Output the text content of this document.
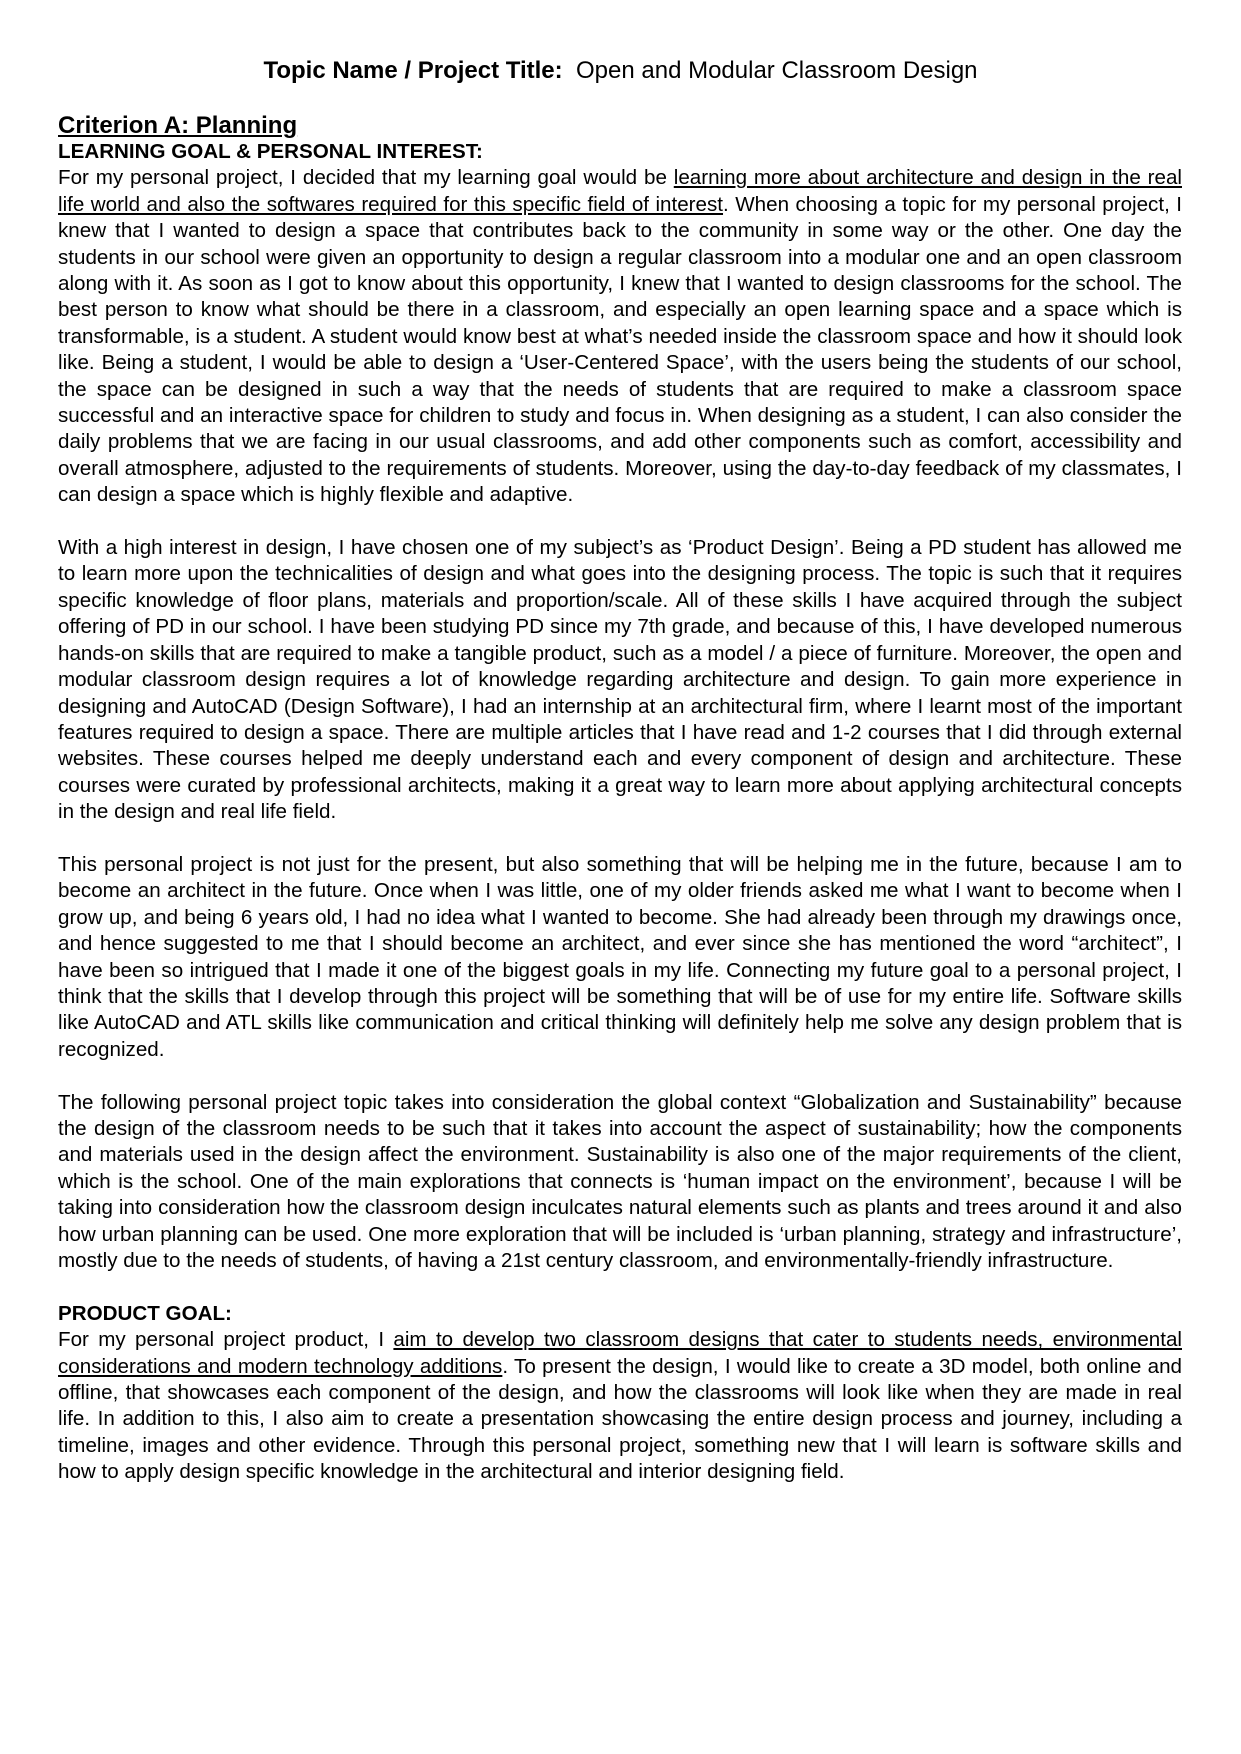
Topic Name / Project Title: Open and Modular Classroom Design
Criterion A: Planning
LEARNING GOAL & PERSONAL INTEREST:

For my personal project, I decided that my learning goal would be learning more about architecture and design in the real life world and also the softwares required for this specific field of interest. When choosing a topic for my personal project, I knew that I wanted to design a space that contributes back to the community in some way or the other. One day the students in our school were given an opportunity to design a regular classroom into a modular one and an open classroom along with it. As soon as I got to know about this opportunity, I knew that I wanted to design classrooms for the school. The best person to know what should be there in a classroom, and especially an open learning space and a space which is transformable, is a student. A student would know best at what’s needed inside the classroom space and how it should look like. Being a student, I would be able to design a ‘User-Centered Space’, with the users being the students of our school, the space can be designed in such a way that the needs of students that are required to make a classroom space successful and an interactive space for children to study and focus in. When designing as a student, I can also consider the daily problems that we are facing in our usual classrooms, and add other components such as comfort, accessibility and overall atmosphere, adjusted to the requirements of students. Moreover, using the day-to-day feedback of my classmates, I can design a space which is highly flexible and adaptive.

With a high interest in design, I have chosen one of my subject’s as ‘Product Design’. Being a PD student has allowed me to learn more upon the technicalities of design and what goes into the designing process. The topic is such that it requires specific knowledge of floor plans, materials and proportion/scale. All of these skills I have acquired through the subject offering of PD in our school. I have been studying PD since my 7th grade, and because of this, I have developed numerous hands-on skills that are required to make a tangible product, such as a model / a piece of furniture. Moreover, the open and modular classroom design requires a lot of knowledge regarding architecture and design. To gain more experience in designing and AutoCAD (Design Software), I had an internship at an architectural firm, where I learnt most of the important features required to design a space. There are multiple articles that I have read and 1-2 courses that I did through external websites. These courses helped me deeply understand each and every component of design and architecture. These courses were curated by professional architects, making it a great way to learn more about applying architectural concepts in the design and real life field.

This personal project is not just for the present, but also something that will be helping me in the future, because I am to become an architect in the future. Once when I was little, one of my older friends asked me what I want to become when I grow up, and being 6 years old, I had no idea what I wanted to become. She had already been through my drawings once, and hence suggested to me that I should become an architect, and ever since she has mentioned the word “architect”, I have been so intrigued that I made it one of the biggest goals in my life. Connecting my future goal to a personal project, I think that the skills that I develop through this project will be something that will be of use for my entire life. Software skills like AutoCAD and ATL skills like communication and critical thinking will definitely help me solve any design problem that is recognized.

The following personal project topic takes into consideration the global context “Globalization and Sustainability” because the design of the classroom needs to be such that it takes into account the aspect of sustainability; how the components and materials used in the design affect the environment. Sustainability is also one of the major requirements of the client, which is the school. One of the main explorations that connects is ‘human impact on the environment’, because I will be taking into consideration how the classroom design inculcates natural elements such as plants and trees around it and also how urban planning can be used. One more exploration that will be included is ‘urban planning, strategy and infrastructure’, mostly due to the needs of students, of having a 21st century classroom, and environmentally-friendly infrastructure.

PRODUCT GOAL:

For my personal project product, I aim to develop two classroom designs that cater to students needs, environmental considerations and modern technology additions. To present the design, I would like to create a 3D model, both online and offline, that showcases each component of the design, and how the classrooms will look like when they are made in real life. In addition to this, I also aim to create a presentation showcasing the entire design process and journey, including a timeline, images and other evidence. Through this personal project, something new that I will learn is software skills and how to apply design specific knowledge in the architectural and interior designing field.
